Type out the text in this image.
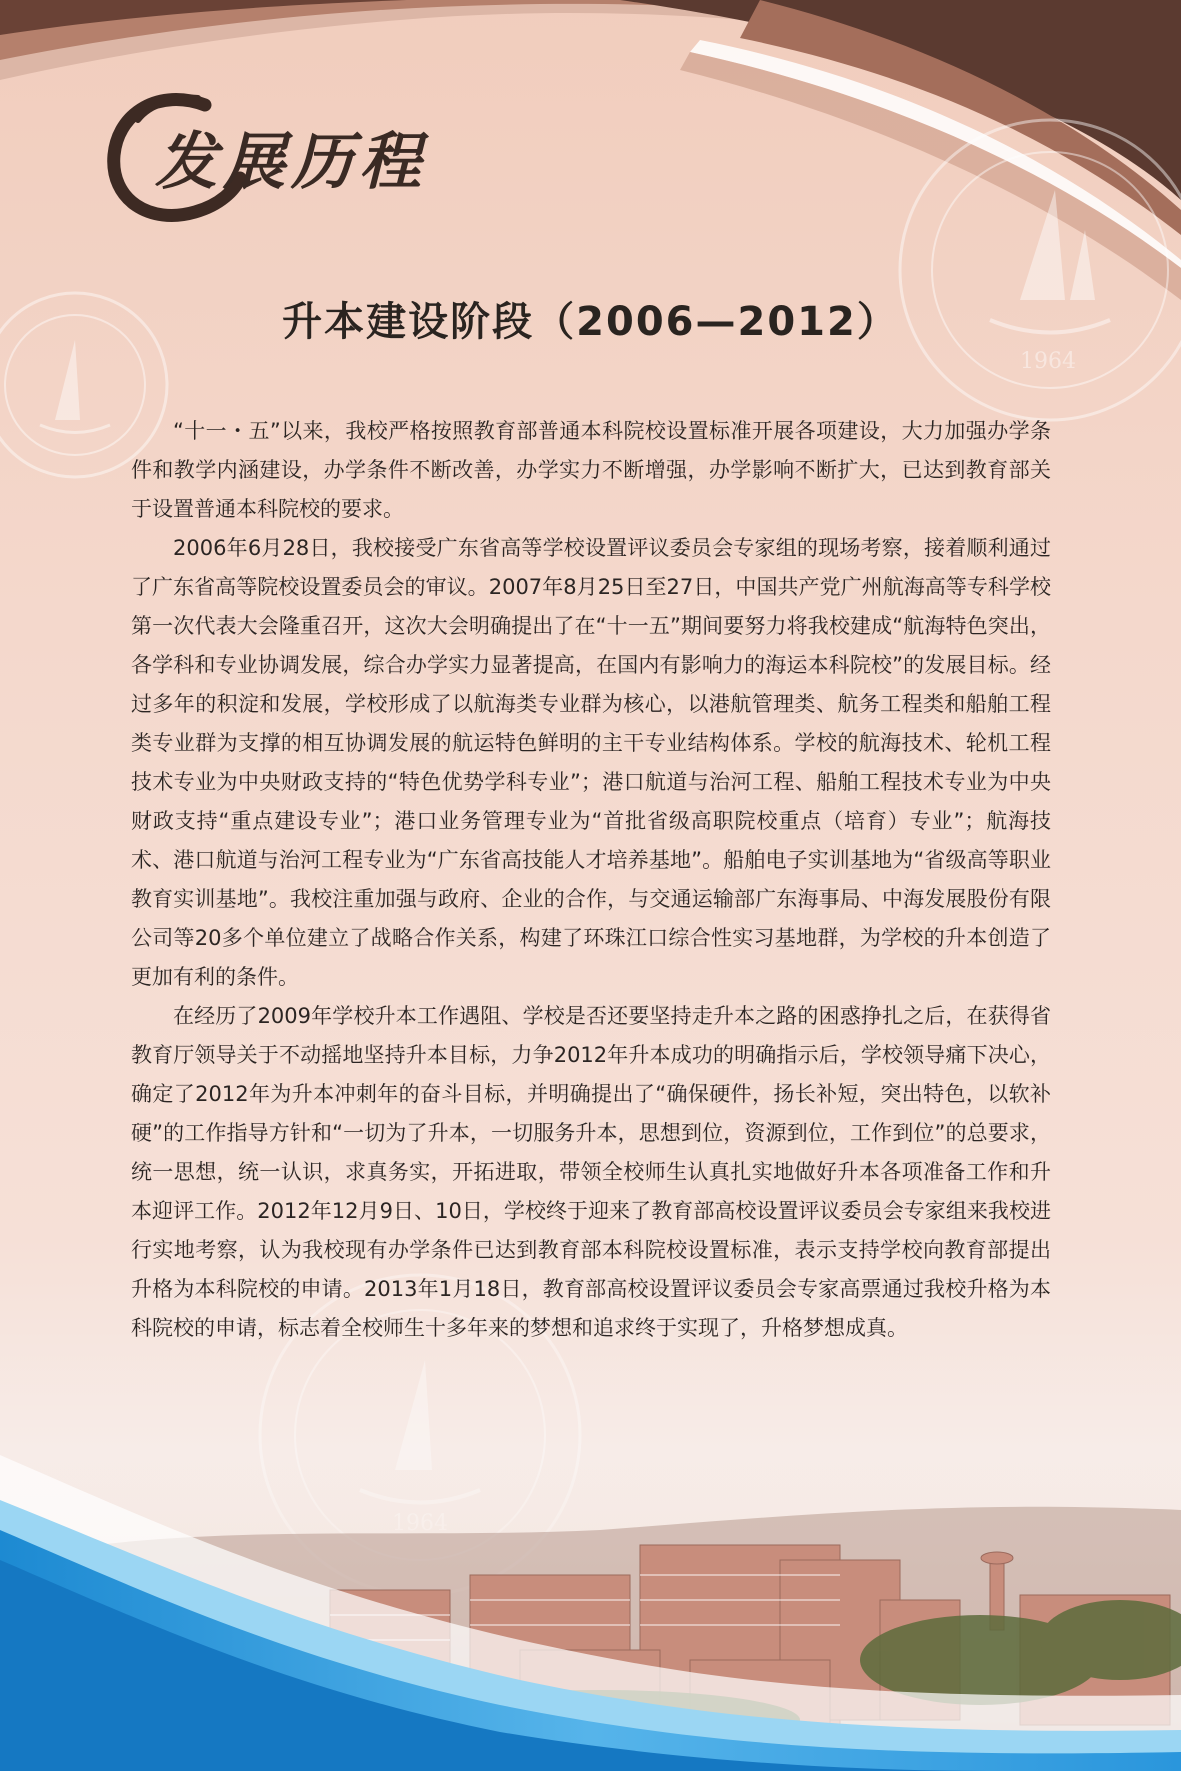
1964
发展历程
升本建设阶段（2006—2012）

“十一・五”以来，我校严格按照教育部普通本科院校设置标准开展各项建设，大力加强办学条件和教学内涵建设，办学条件不断改善，办学实力不断增强，办学影响不断扩大，已达到教育部关于设置普通本科院校的要求。

2006年6月28日，我校接受广东省高等学校设置评议委员会专家组的现场考察，接着顺利通过了广东省高等院校设置委员会的审议。2007年8月25日至27日，中国共产党广州航海高等专科学校第一次代表大会隆重召开，这次大会明确提出了在“十一五”期间要努力将我校建成“航海特色突出，各学科和专业协调发展，综合办学实力显著提高，在国内有影响力的海运本科院校”的发展目标。经过多年的积淀和发展，学校形成了以航海类专业群为核心，以港航管理类、航务工程类和船舶工程类专业群为支撑的相互协调发展的航运特色鲜明的主干专业结构体系。学校的航海技术、轮机工程技术专业为中央财政支持的“特色优势学科专业”；港口航道与治河工程、船舶工程技术专业为中央财政支持“重点建设专业”；港口业务管理专业为“首批省级高职院校重点（培育）专业”；航海技术、港口航道与治河工程专业为“广东省高技能人才培养基地”。船舶电子实训基地为“省级高等职业教育实训基地”。我校注重加强与政府、企业的合作，与交通运输部广东海事局、中海发展股份有限公司等20多个单位建立了战略合作关系，构建了环珠江口综合性实习基地群，为学校的升本创造了更加有利的条件。

在经历了2009年学校升本工作遇阻、学校是否还要坚持走升本之路的困惑挣扎之后，在获得省教育厅领导关于不动摇地坚持升本目标，力争2012年升本成功的明确指示后，学校领导痛下决心，确定了2012年为升本冲刺年的奋斗目标，并明确提出了“确保硬件，扬长补短，突出特色，以软补硬”的工作指导方针和“一切为了升本，一切服务升本，思想到位，资源到位，工作到位”的总要求，统一思想，统一认识，求真务实，开拓进取，带领全校师生认真扎实地做好升本各项准备工作和升本迎评工作。2012年12月9日、10日，学校终于迎来了教育部高校设置评议委员会专家组来我校进行实地考察，认为我校现有办学条件已达到教育部本科院校设置标准，表示支持学校向教育部提出升格为本科院校的申请。2013年1月18日，教育部高校设置评议委员会专家高票通过我校升格为本科院校的申请，标志着全校师生十多年来的梦想和追求终于实现了，升格梦想成真。
